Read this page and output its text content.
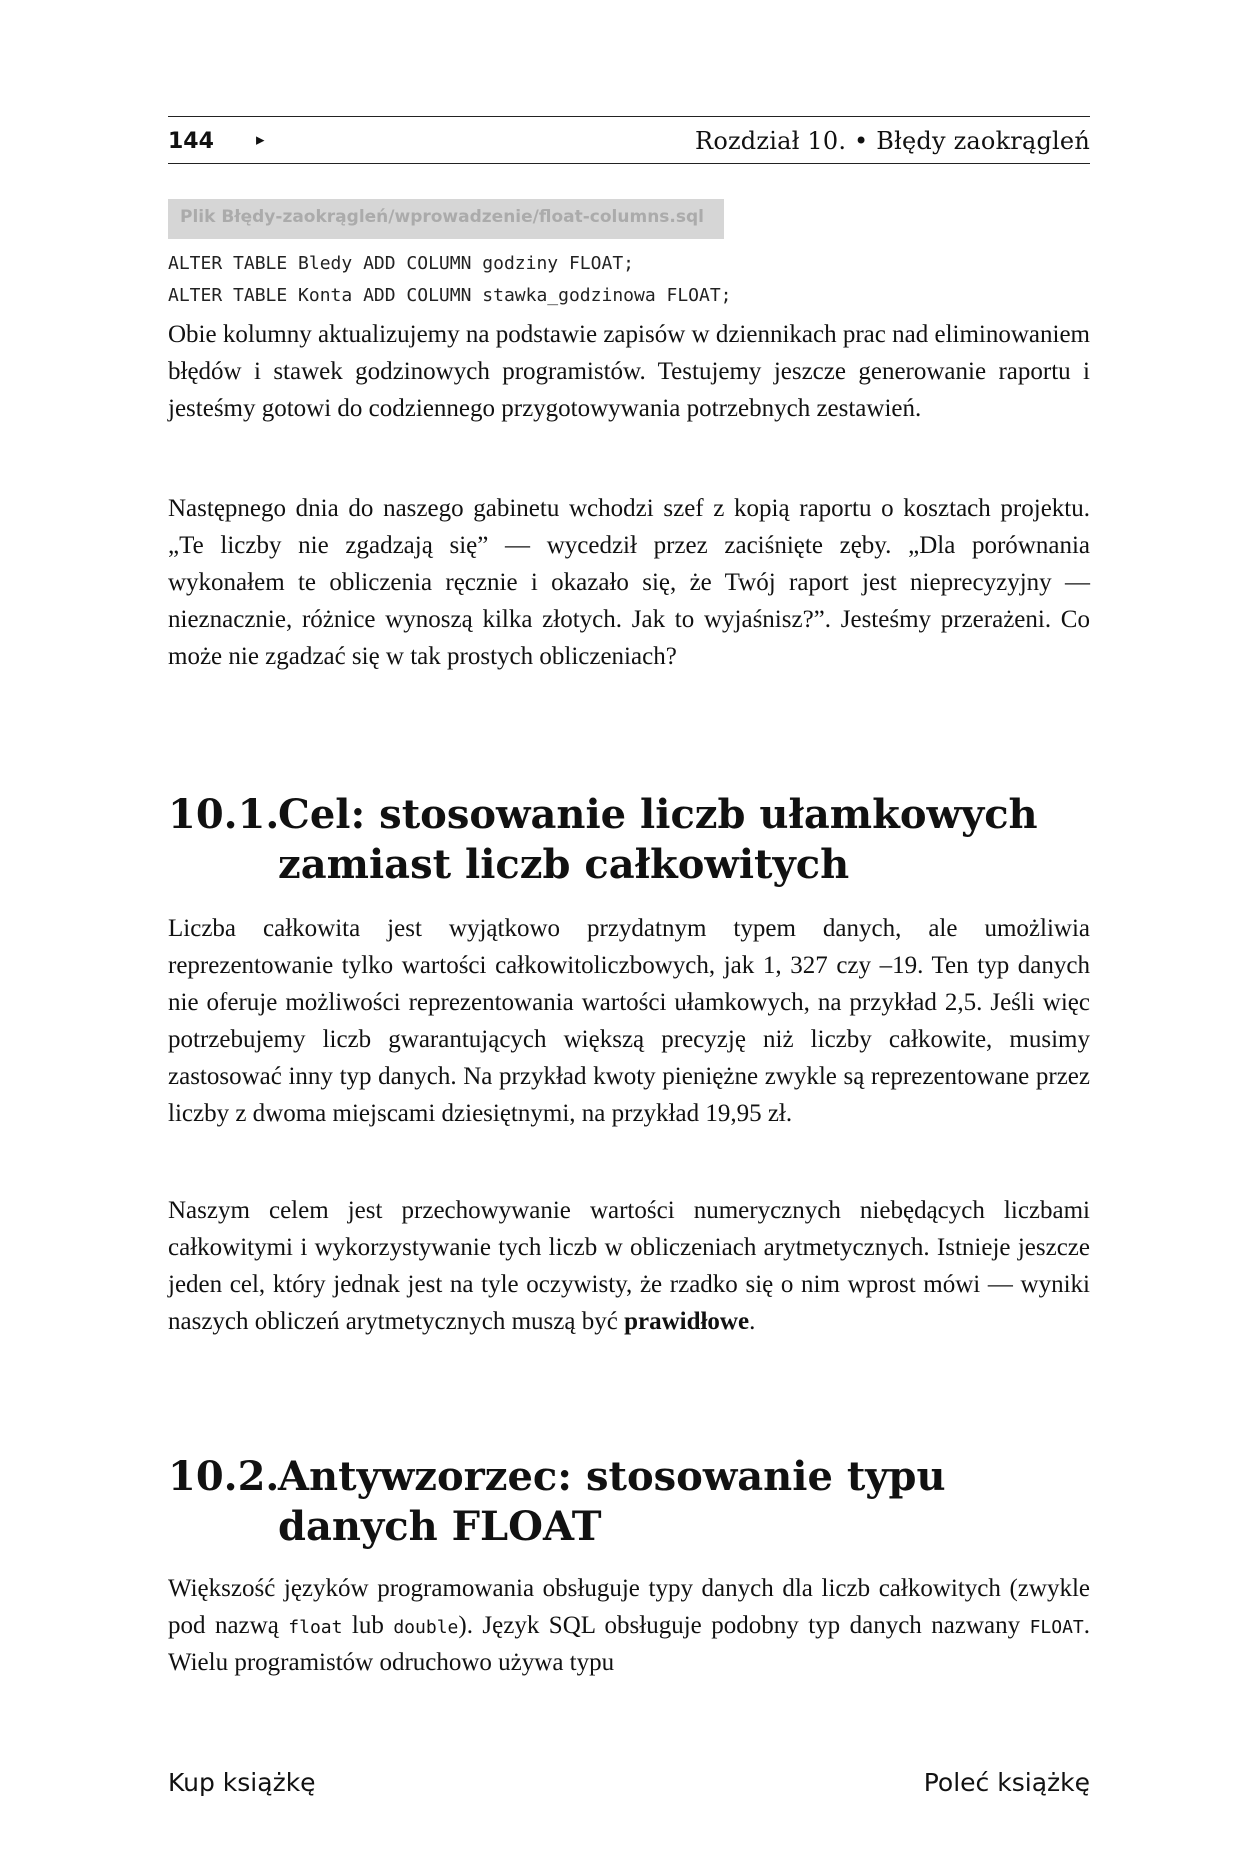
144 ▸	Rozdział 10. • Błędy zaokrągleń
Plik Błędy-zaokrągleń/wprowadzenie/float-columns.sql
ALTER TABLE Bledy ADD COLUMN godziny FLOAT;
ALTER TABLE Konta ADD COLUMN stawka_godzinowa FLOAT;

Obie kolumny aktualizujemy na podstawie zapisów w dziennikach prac nad eliminowaniem błędów i stawek godzinowych programistów. Testujemy jeszcze generowanie raportu i jesteśmy gotowi do codziennego przygotowywania potrzebnych zestawień.

Następnego dnia do naszego gabinetu wchodzi szef z kopią raportu o kosztach projektu. „Te liczby nie zgadzają się” — wycedził przez zaciśnięte zęby. „Dla porównania wykonałem te obliczenia ręcznie i okazało się, że Twój raport jest nieprecyzyjny — nieznacznie, różnice wynoszą kilka złotych. Jak to wyjaśnisz?”. Jesteśmy przerażeni. Co może nie zgadzać się w tak prostych obliczeniach?

10.1.Cel: stosowanie liczb ułamkowych
zamiast liczb całkowitych

Liczba całkowita jest wyjątkowo przydatnym typem danych, ale umożliwia reprezentowanie tylko wartości całkowitoliczbowych, jak 1, 327 czy –19. Ten typ danych nie oferuje możliwości reprezentowania wartości ułamkowych, na przykład 2,5. Jeśli więc potrzebujemy liczb gwarantujących większą precyzję niż liczby całkowite, musimy zastosować inny typ danych. Na przykład kwoty pieniężne zwykle są reprezentowane przez liczby z dwoma miejscami dziesiętnymi, na przykład 19,95 zł.

Naszym celem jest przechowywanie wartości numerycznych niebędących liczbami całkowitymi i wykorzystywanie tych liczb w obliczeniach arytmetycznych. Istnieje jeszcze jeden cel, który jednak jest na tyle oczywisty, że rzadko się o nim wprost mówi — wyniki naszych obliczeń arytmetycznych muszą być prawidłowe.

10.2.Antywzorzec: stosowanie typu
danych FLOAT

Większość języków programowania obsługuje typy danych dla liczb całkowitych (zwykle pod nazwą float lub double). Język SQL obsługuje podobny typ danych nazwany FLOAT. Wielu programistów odruchowo używa typu

Kup książkę	Poleć książkę
